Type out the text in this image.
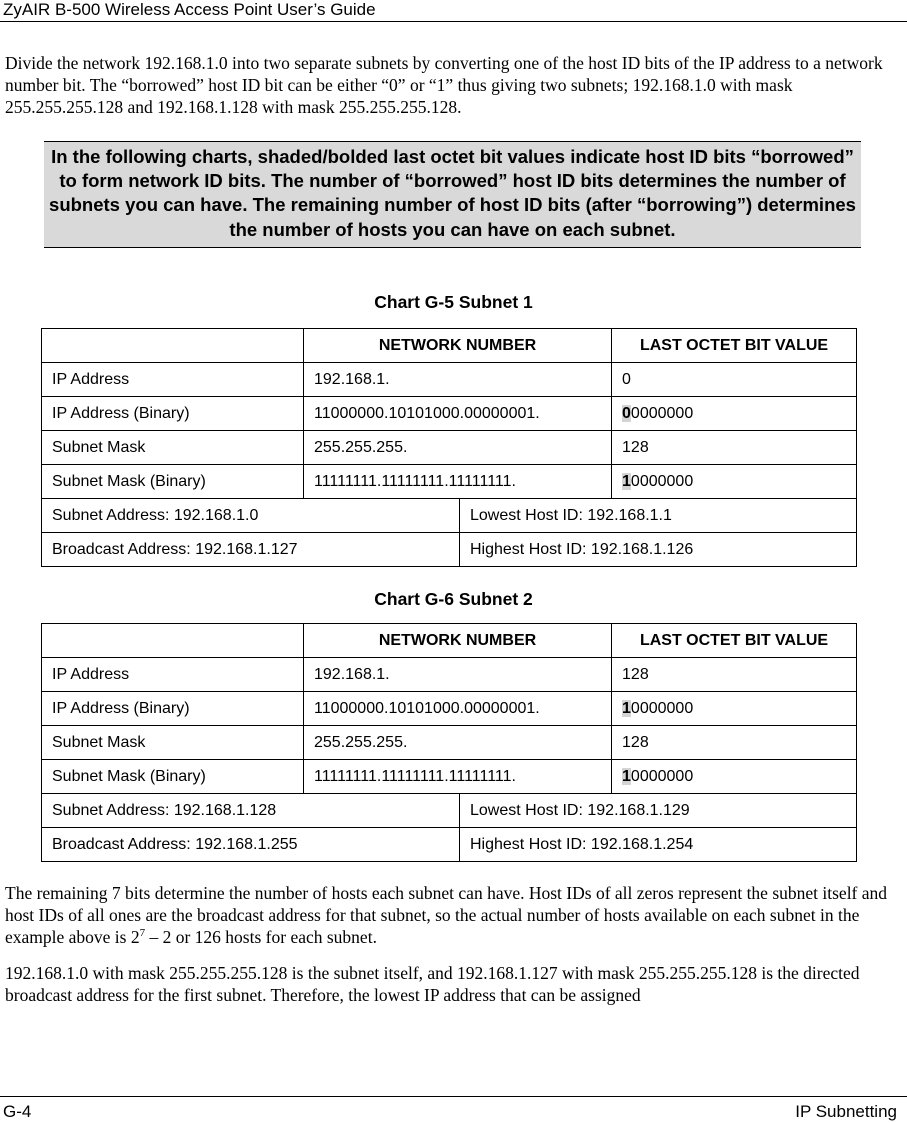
ZyAIR B-500 Wireless Access Point User’s Guide

Divide the network 192.168.1.0 into two separate subnets by converting one of the host ID bits of the IP address to a network number bit. The “borrowed” host ID bit can be either “0” or “1” thus giving two subnets; 192.168.1.0 with mask 255.255.255.128 and 192.168.1.128 with mask 255.255.255.128.

In the following charts, shaded/bolded last octet bit values indicate host ID bits “borrowed” to form network ID bits. The number of “borrowed” host ID bits determines the number of subnets you can have. The remaining number of host ID bits (after “borrowing”) determines the number of hosts you can have on each subnet.
Chart G-5 Subnet 1
	NETWORK NUMBER		LAST OCTET BIT VALUE
IP Address	192.168.1.		0
IP Address (Binary)	11000000.10101000.00000001.		00000000
Subnet Mask	255.255.255.		128
Subnet Mask (Binary)	11111111.11111111.11111111.		10000000
Subnet Address: 192.168.1.0		Lowest Host ID: 192.168.1.1	
Broadcast Address: 192.168.1.127		Highest Host ID: 192.168.1.126	
Chart G-6 Subnet 2
	NETWORK NUMBER		LAST OCTET BIT VALUE
IP Address	192.168.1.		128
IP Address (Binary)	11000000.10101000.00000001.		10000000
Subnet Mask	255.255.255.		128
Subnet Mask (Binary)	11111111.11111111.11111111.		10000000
Subnet Address: 192.168.1.128		Lowest Host ID: 192.168.1.129	
Broadcast Address: 192.168.1.255		Highest Host ID: 192.168.1.254	

The remaining 7 bits determine the number of hosts each subnet can have. Host IDs of all zeros represent the subnet itself and host IDs of all ones are the broadcast address for that subnet, so the actual number of hosts available on each subnet in the example above is $2^7 - 2$ or 126 hosts for each subnet.

192.168.1.0 with mask 255.255.255.128 is the subnet itself, and 192.168.1.127 with mask 255.255.255.128 is the directed broadcast address for the first subnet. Therefore, the lowest IP address that can be assigned

G-4	IP Subnetting
